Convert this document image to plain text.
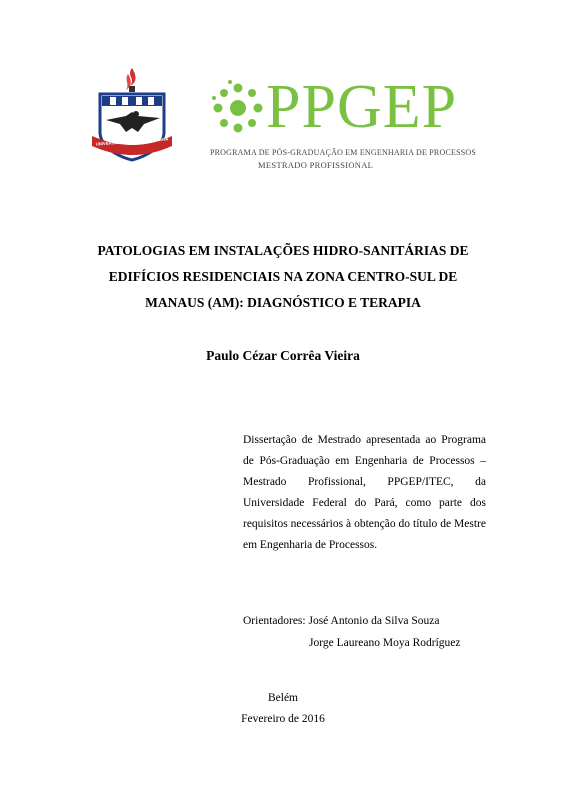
UNIVERSIDADE FEDERAL DO PARÁ
PPGEP
PROGRAMA DE PÓS-GRADUAÇÃO EM ENGENHARIA DE PROCESSOS
MESTRADO PROFISSIONAL
PATOLOGIAS EM INSTALAÇÕES HIDRO-SANITÁRIAS DE
EDIFÍCIOS RESIDENCIAIS NA ZONA CENTRO-SUL DE
MANAUS (AM): DIAGNÓSTICO E TERAPIA
Paulo Cézar Corrêa Vieira
Dissertação de Mestrado apresentada ao Programa de Pós-Graduação em Engenharia de Processos – Mestrado Profissional, PPGEP/ITEC, da Universidade Federal do Pará, como parte dos requisitos necessários à obtenção do título de Mestre em Engenharia de Processos.
Orientadores: José Antonio da Silva Souza
Jorge Laureano Moya Rodríguez
Belém
Fevereiro de 2016
